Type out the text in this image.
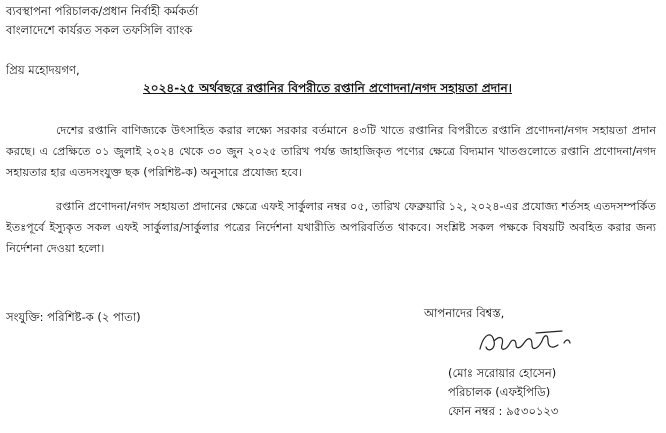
ব্যবস্থাপনা পরিচালক/প্রধান নির্বাহী কর্মকর্তা
বাংলাদেশে কার্যরত সকল তফসিলি ব্যাংক
প্রিয় মহোদয়গণ,
২০২৪-২৫ অর্থবছরে রপ্তানির বিপরীতে রপ্তানি প্রণোদনা/নগদ সহায়তা প্রদান।
দেশের রপ্তানি বাণিজ্যকে উৎসাহিত করার লক্ষ্যে সরকার বর্তমানে ৪৩টি খাতে রপ্তানির বিপরীতে রপ্তানি প্রণোদনা/নগদ সহায়তা প্রদান করছে। এ প্রেক্ষিতে ০১ জুলাই ২০২৪ থেকে ৩০ জুন ২০২৫ তারিখ পর্যন্ত জাহাজিকৃত পণ্যের ক্ষেত্রে বিদ্যমান খাতগুলোতে রপ্তানি প্রণোদনা/নগদ সহায়তার হার এতদসংযুক্ত ছক (পরিশিষ্ট-ক) অনুসারে প্রযোজ্য হবে।
রপ্তানি প্রণোদনা/নগদ সহায়তা প্রদানের ক্ষেত্রে এফই সার্কুলার নম্বর ০৫, তারিখ ফেব্রুয়ারি ১২, ২০২৪-এর প্রযোজ্য শর্তসহ এতদসম্পর্কিত ইতঃপূর্বে ইস্যুকৃত সকল এফই সার্কুলার/সার্কুলার পত্রের নির্দেশনা যথারীতি অপরিবর্তিত থাকবে। সংশ্লিষ্ট সকল পক্ষকে বিষয়টি অবহিত করার জন্য নির্দেশনা দেওয়া হলো।
সংযুক্তি: পরিশিষ্ট-ক (২ পাতা)	আপনাদের বিশ্বস্ত,
(মোঃ সরোয়ার হোসেন)
পরিচালক (এফইপিডি)
ফোন নম্বর : ৯৫৩০১২৩
